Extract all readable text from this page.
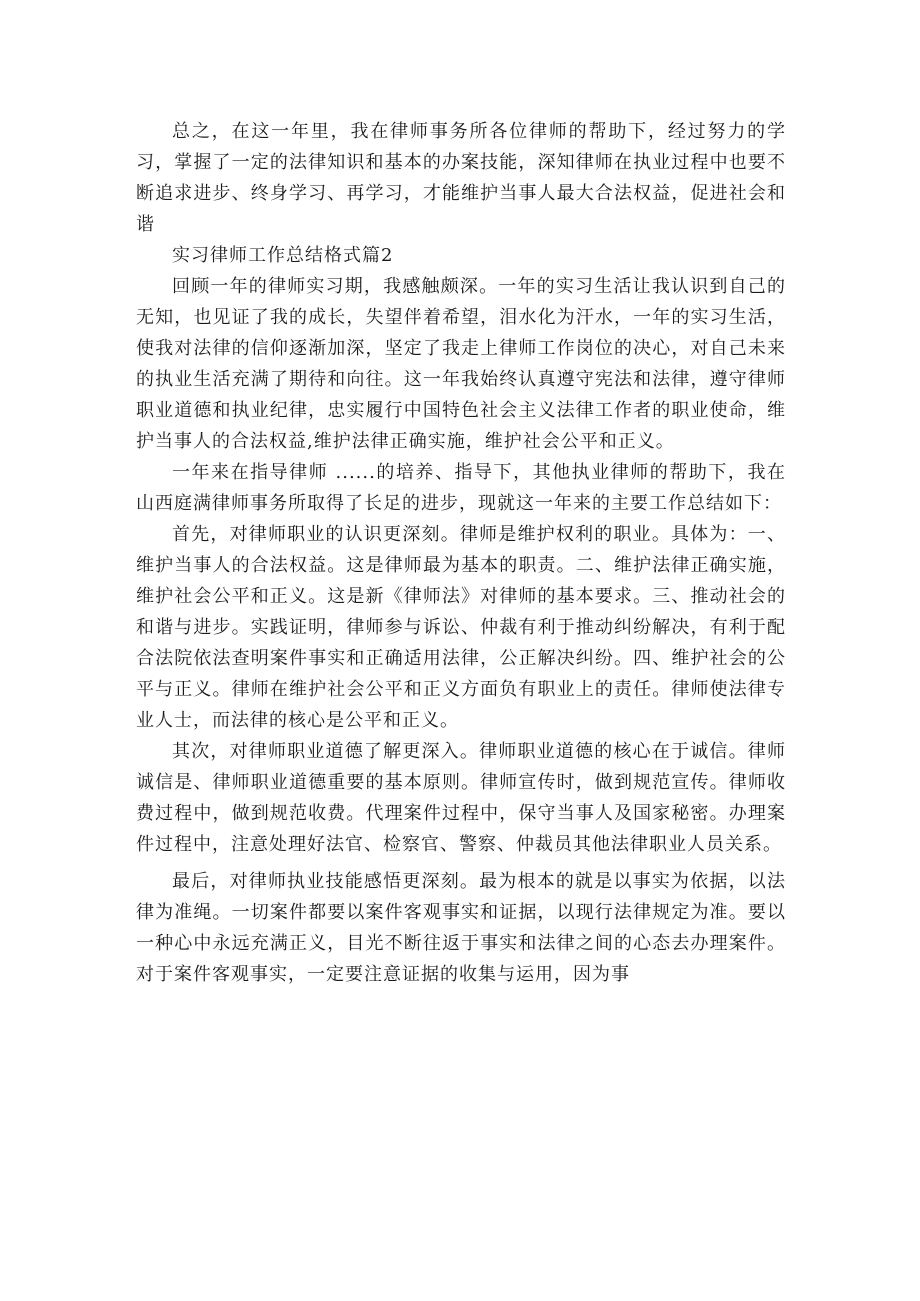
总之，在这一年里，我在律师事务所各位律师的帮助下，经过努力的学习，掌握了一定的法律知识和基本的办案技能，深知律师在执业过程中也要不断追求进步、终身学习、再学习，才能维护当事人最大合法权益，促进社会和谐

实习律师工作总结格式篇2

回顾一年的律师实习期，我感触颇深。一年的实习生活让我认识到自己的无知，也见证了我的成长，失望伴着希望，泪水化为汗水，一年的实习生活，使我对法律的信仰逐渐加深，坚定了我走上律师工作岗位的决心，对自己未来的执业生活充满了期待和向往。这一年我始终认真遵守宪法和法律，遵守律师职业道德和执业纪律，忠实履行中国特色社会主义法律工作者的职业使命，维护当事人的合法权益,维护法律正确实施，维护社会公平和正义。

一年来在指导律师 ......的培养、指导下，其他执业律师的帮助下，我在山西庭满律师事务所取得了长足的进步，现就这一年来的主要工作总结如下：

首先，对律师职业的认识更深刻。律师是维护权利的职业。具体为：一、维护当事人的合法权益。这是律师最为基本的职责。二、维护法律正确实施，维护社会公平和正义。这是新《律师法》对律师的基本要求。三、推动社会的和谐与进步。实践证明，律师参与诉讼、仲裁有利于推动纠纷解决，有利于配合法院依法查明案件事实和正确适用法律，公正解决纠纷。四、维护社会的公平与正义。律师在维护社会公平和正义方面负有职业上的责任。律师使法律专业人士，而法律的核心是公平和正义。

其次，对律师职业道德了解更深入。律师职业道德的核心在于诚信。律师诚信是、律师职业道德重要的基本原则。律师宣传时，做到规范宣传。律师收费过程中，做到规范收费。代理案件过程中，保守当事人及国家秘密。办理案件过程中，注意处理好法官、检察官、警察、仲裁员其他法律职业人员关系。

最后，对律师执业技能感悟更深刻。最为根本的就是以事实为依据，以法律为准绳。一切案件都要以案件客观事实和证据，以现行法律规定为准。要以一种心中永远充满正义，目光不断往返于事实和法律之间的心态去办理案件。对于案件客观事实，一定要注意证据的收集与运用，因为事
